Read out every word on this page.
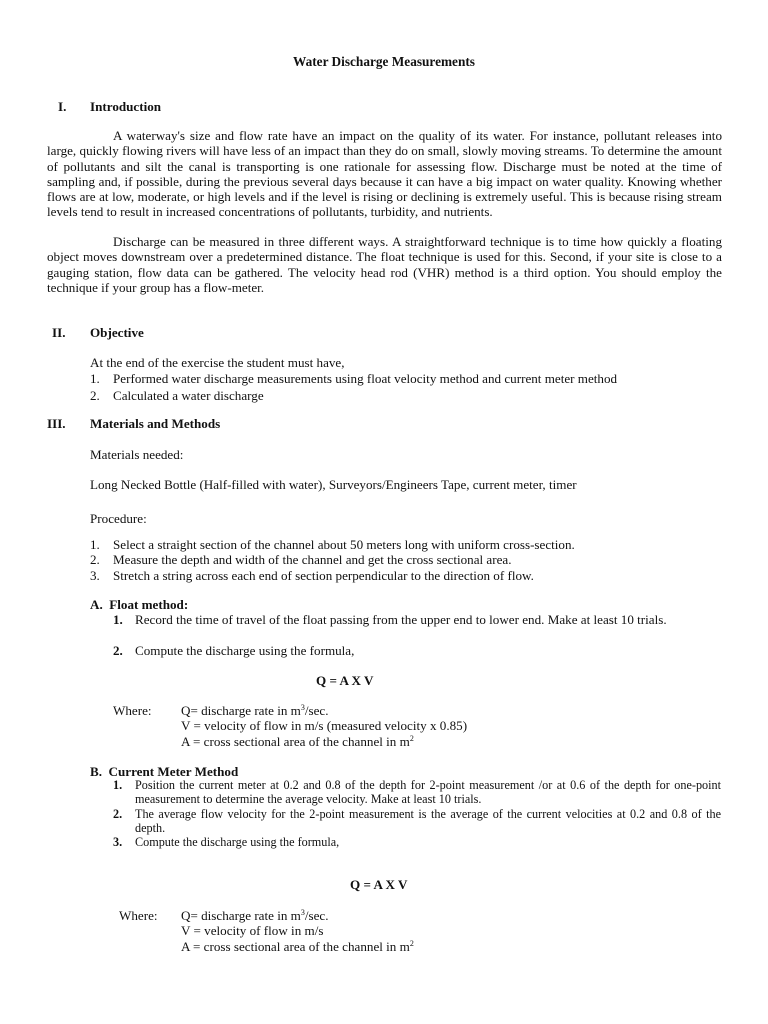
Water Discharge Measurements
I. Introduction

A waterway's size and flow rate have an impact on the quality of its water. For instance, pollutant releases into large, quickly flowing rivers will have less of an impact than they do on small, slowly moving streams. To determine the amount of pollutants and silt the canal is transporting is one rationale for assessing flow. Discharge must be noted at the time of sampling and, if possible, during the previous several days because it can have a big impact on water quality. Knowing whether flows are at low, moderate, or high levels and if the level is rising or declining is extremely useful. This is because rising stream levels tend to result in increased concentrations of pollutants, turbidity, and nutrients.

Discharge can be measured in three different ways. A straightforward technique is to time how quickly a floating object moves downstream over a predetermined distance. The float technique is used for this. Second, if your site is close to a gauging station, flow data can be gathered. The velocity head rod (VHR) method is a third option. You should employ the technique if your group has a flow-meter.

II. Objective
At the end of the exercise the student must have,
1. Performed water discharge measurements using float velocity method and current meter method
2. Calculated a water discharge
III. Materials and Methods
Materials needed:
Long Necked Bottle (Half-filled with water), Surveyors/Engineers Tape, current meter, timer
Procedure:
1. Select a straight section of the channel about 50 meters long with uniform cross-section.
2. Measure the depth and width of the channel and get the cross sectional area.
3. Stretch a string across each end of section perpendicular to the direction of flow.
A.  Float method:
1. Record the time of travel of the float passing from the upper end to lower end. Make at least 10 trials.
2. Compute the discharge using the formula,
Q = A X V
Where: Q= discharge rate in $m^3/\sec$.
V = velocity of flow in m/s (measured velocity x 0.85)
A = cross sectional area of the channel in $m^2$
B.  Current Meter Method
1. Position the current meter at 0.2 and 0.8 of the depth for 2-point measurement /or at 0.6 of the depth for one-point measurement to determine the average velocity. Make at least 10 trials.
2. The average flow velocity for the 2-point measurement is the average of the current velocities at 0.2 and 0.8 of the depth.
3. Compute the discharge using the formula,
Q = A X V
Where: Q= discharge rate in $m^3/\sec$.
V = velocity of flow in m/s
A = cross sectional area of the channel in $m^2$
